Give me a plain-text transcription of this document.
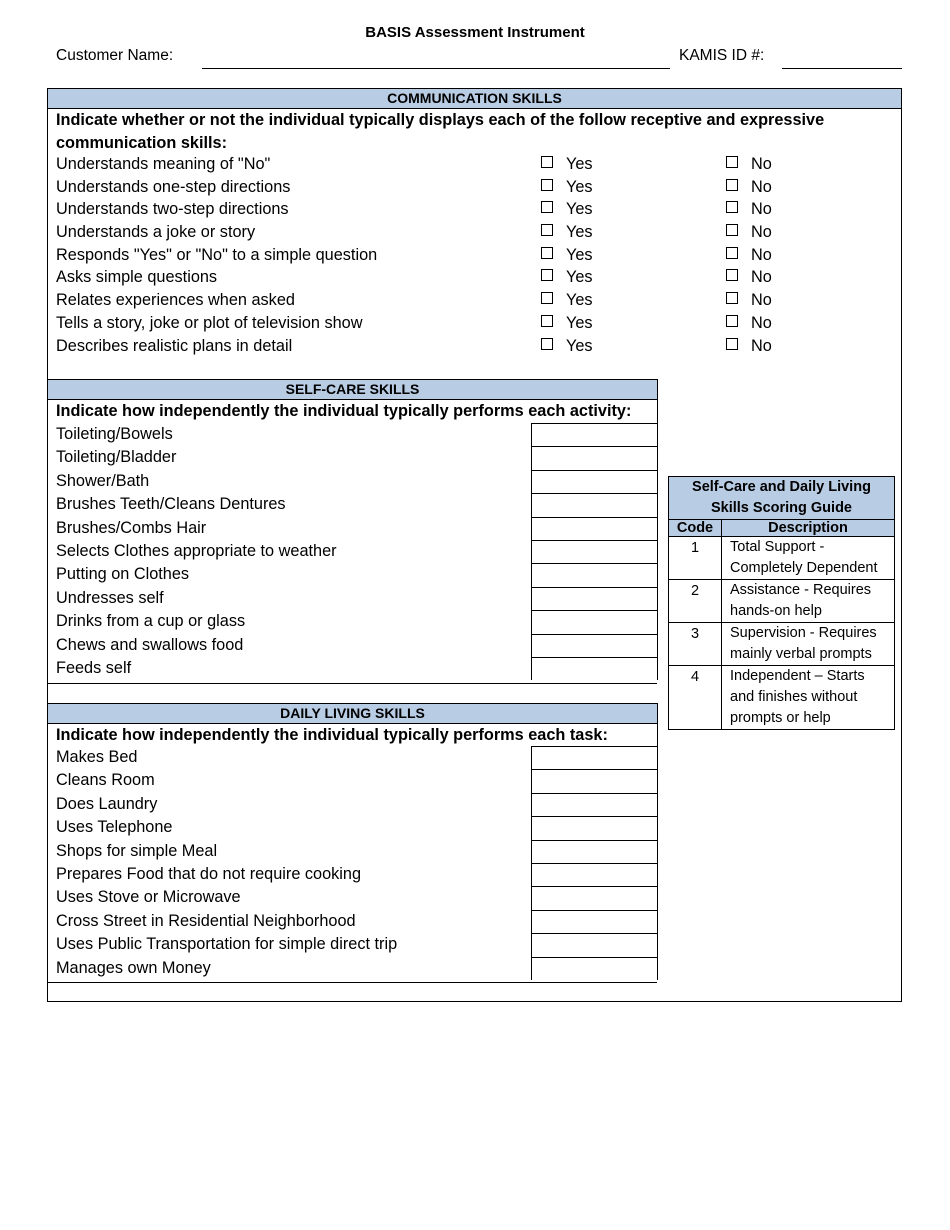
BASIS Assessment Instrument
Customer Name:	KAMIS ID #:
COMMUNICATION SKILLS
Indicate whether or not the individual typically displays each of the follow receptive and expressive communication skills:
Understands meaning of "No"	Yes	No
Understands one-step directions	Yes	No
Understands two-step directions	Yes	No
Understands a joke or story	Yes	No
Responds "Yes" or "No" to a simple question	Yes	No
Asks simple questions	Yes	No
Relates experiences when asked	Yes	No
Tells a story, joke or plot of television show	Yes	No
Describes realistic plans in detail	Yes	No
SELF-CARE SKILLS
Indicate how independently the individual typically performs each activity:
Toileting/Bowels
Toileting/Bladder
Shower/Bath
Brushes Teeth/Cleans Dentures
Brushes/Combs Hair
Selects Clothes appropriate to weather
Putting on Clothes
Undresses self
Drinks from a cup or glass
Chews and swallows food
Feeds self
DAILY LIVING SKILLS
Indicate how independently the individual typically performs each task:
Makes Bed
Cleans Room
Does Laundry
Uses Telephone
Shops for simple Meal
Prepares Food that do not require cooking
Uses Stove or Microwave
Cross Street in Residential Neighborhood
Uses Public Transportation for simple direct trip
Manages own Money
Self-Care and Daily Living Skills Scoring Guide
Code	Description
1	Total Support - Completely Dependent
2	Assistance - Requires hands-on help
3	Supervision - Requires mainly verbal prompts
4	Independent – Starts and finishes without prompts or help
